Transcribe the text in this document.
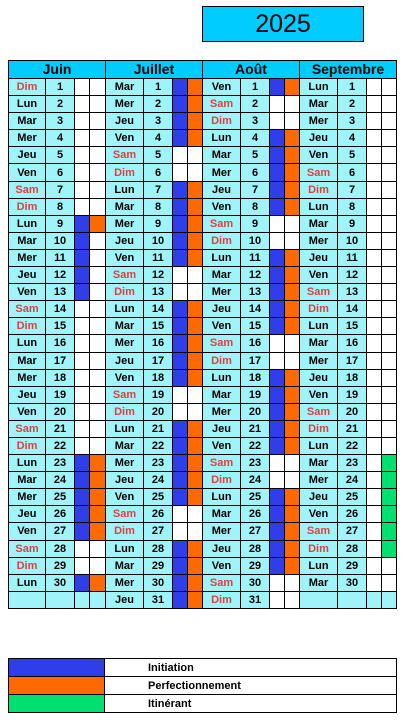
2025
Juin				Juillet				Août				Septembre			
Dim	1			Mar	1			Ven	1			Lun	1		
Lun	2			Mer	2			Sam	2			Mar	2		
Mar	3			Jeu	3			Dim	3			Mer	3		
Mer	4			Ven	4			Lun	4			Jeu	4		
Jeu	5			Sam	5			Mar	5			Ven	5		
Ven	6			Dim	6			Mer	6			Sam	6		
Sam	7			Lun	7			Jeu	7			Dim	7		
Dim	8			Mar	8			Ven	8			Lun	8		
Lun	9			Mer	9			Sam	9			Mar	9		
Mar	10			Jeu	10			Dim	10			Mer	10		
Mer	11			Ven	11			Lun	11			Jeu	11		
Jeu	12			Sam	12			Mar	12			Ven	12		
Ven	13			Dim	13			Mer	13			Sam	13		
Sam	14			Lun	14			Jeu	14			Dim	14		
Dim	15			Mar	15			Ven	15			Lun	15		
Lun	16			Mer	16			Sam	16			Mar	16		
Mar	17			Jeu	17			Dim	17			Mer	17		
Mer	18			Ven	18			Lun	18			Jeu	18		
Jeu	19			Sam	19			Mar	19			Ven	19		
Ven	20			Dim	20			Mer	20			Sam	20		
Sam	21			Lun	21			Jeu	21			Dim	21		
Dim	22			Mar	22			Ven	22			Lun	22		
Lun	23			Mer	23			Sam	23			Mar	23		
Mar	24			Jeu	24			Dim	24			Mer	24		
Mer	25			Ven	25			Lun	25			Jeu	25		
Jeu	26			Sam	26			Mar	26			Ven	26		
Ven	27			Dim	27			Mer	27			Sam	27		
Sam	28			Lun	28			Jeu	28			Dim	28		
Dim	29			Mar	29			Ven	29			Lun	29		
Lun	30			Mer	30			Sam	30			Mar	30		
				Jeu	31			Dim	31						
	Initiation
	Perfectionnement
	Itinérant
